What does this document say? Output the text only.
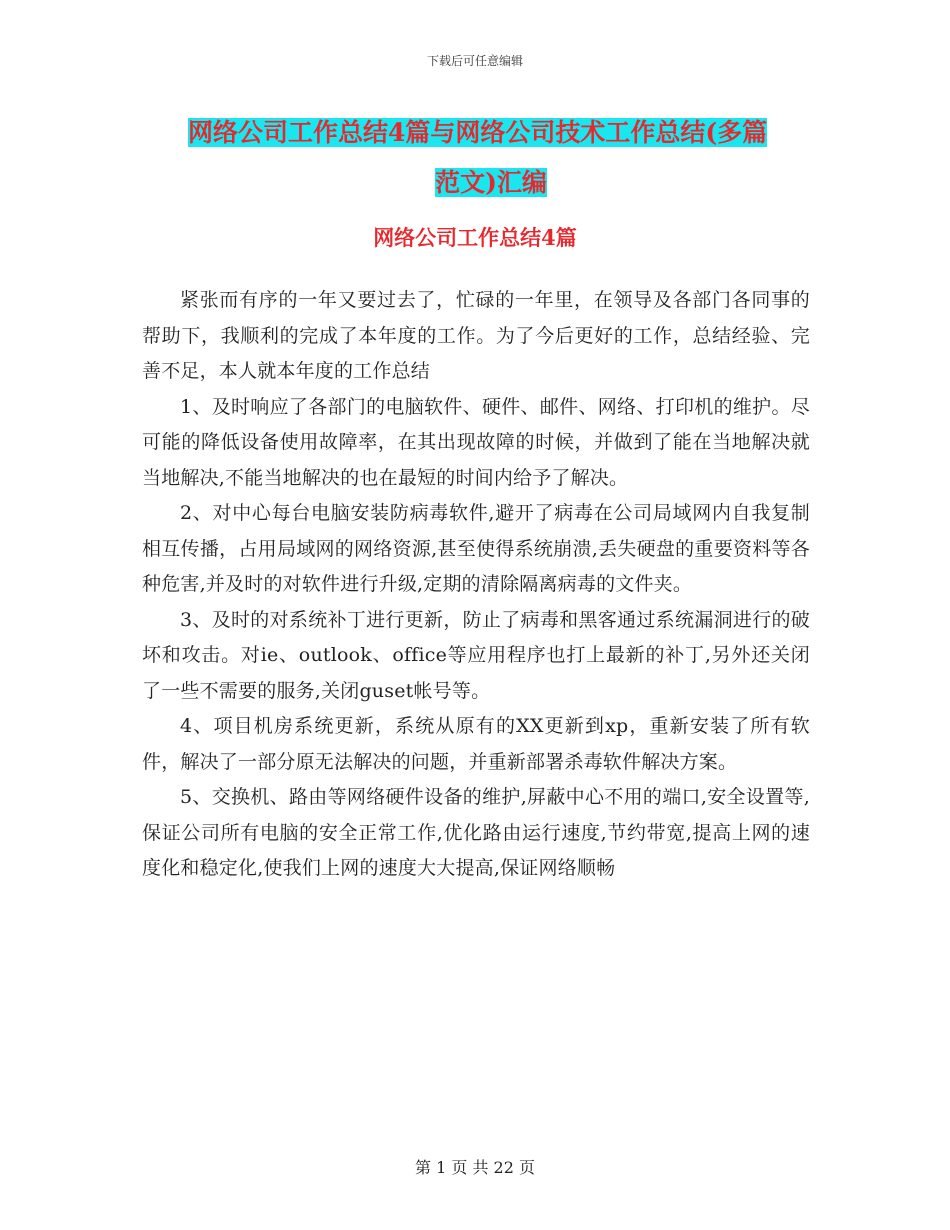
下载后可任意编辑
网络公司工作总结4篇与网络公司技术工作总结(多篇
范文)汇编
网络公司工作总结4篇

紧张而有序的一年又要过去了，忙碌的一年里，在领导及各部门各同事的帮助下，我顺利的完成了本年度的工作。为了今后更好的工作，总结经验、完善不足，本人就本年度的工作总结

1、及时响应了各部门的电脑软件、硬件、邮件、网络、打印机的维护。尽可能的降低设备使用故障率，在其出现故障的时候，并做到了能在当地解决就当地解决,不能当地解决的也在最短的时间内给予了解决。

2、对中心每台电脑安装防病毒软件,避开了病毒在公司局域网内自我复制相互传播，占用局域网的网络资源,甚至使得系统崩溃,丢失硬盘的重要资料等各种危害,并及时的对软件进行升级,定期的清除隔离病毒的文件夹。

3、及时的对系统补丁进行更新，防止了病毒和黑客通过系统漏洞进行的破坏和攻击。对ie、outlook、office等应用程序也打上最新的补丁,另外还关闭了一些不需要的服务,关闭guset帐号等。

4、项目机房系统更新，系统从原有的XX更新到xp，重新安装了所有软件，解决了一部分原无法解决的问题，并重新部署杀毒软件解决方案。

5、交换机、路由等网络硬件设备的维护,屏蔽中心不用的端口,安全设置等,保证公司所有电脑的安全正常工作,优化路由运行速度,节约带宽,提高上网的速度化和稳定化,使我们上网的速度大大提高,保证网络顺畅

第 1 页 共 22 页
